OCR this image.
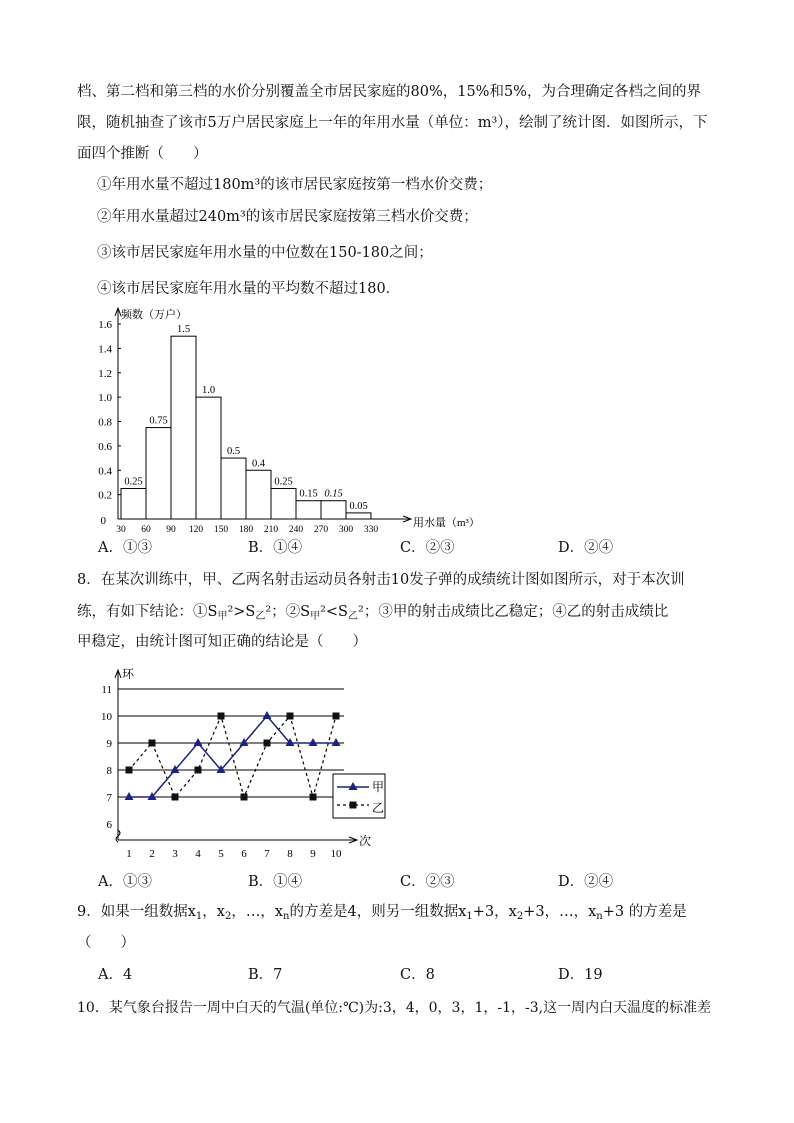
档、第二档和第三档的水价分别覆盖全市居民家庭的80%，15%和5%，为合理确定各档之间的界
限，随机抽查了该市5万户居民家庭上一年的年用水量（单位：m³），绘制了统计图．如图所示，下
面四个推断（　　）
①年用水量不超过180m³的该市居民家庭按第一档水价交费；
②年用水量超过240m³的该市居民家庭按第三档水价交费；
③该市居民家庭年用水量的中位数在150-180之间；
④该市居民家庭年用水量的平均数不超过180．
0.2
0.4
0.6
0.8
1.0
1.2
1.4
1.6
0
频数（万户）
0.25
0.75
1.5
1.0
0.5
0.4
0.25
0.15 0.15
0.05
30 60 90 120 150 180 210 240 270 300 330
用水量（m³）
A．①③	B．①④	C．②③	D．②④
8．在某次训练中，甲、乙两名射击运动员各射击10发子弹的成绩统计图如图所示，对于本次训
练，有如下结论：$①S_甲^2>S_乙^2$；$②S_甲^2<S_乙^2$；③甲的射击成绩比乙稳定；④乙的射击成绩比
甲稳定，由统计图可知正确的结论是（　　）
环
次
6
7
8
9
10
11
1 2 3 4 5 6 7 8 9 10
甲
乙
A．①③	B．①④	C．②③	D．②④
9．如果一组数据$x_1$，$x_2$，…，$x_n$的方差是4，则另一组数据$x_1+3$，$x_2+3$，…，$x_n+3$ 的方差是
（　　）
A．4	B．7	C．8	D．19
10．某气象台报告一周中白天的气温(单位:℃)为:3，4，0，3，1，-1，-3,这一周内白天温度的标准差
